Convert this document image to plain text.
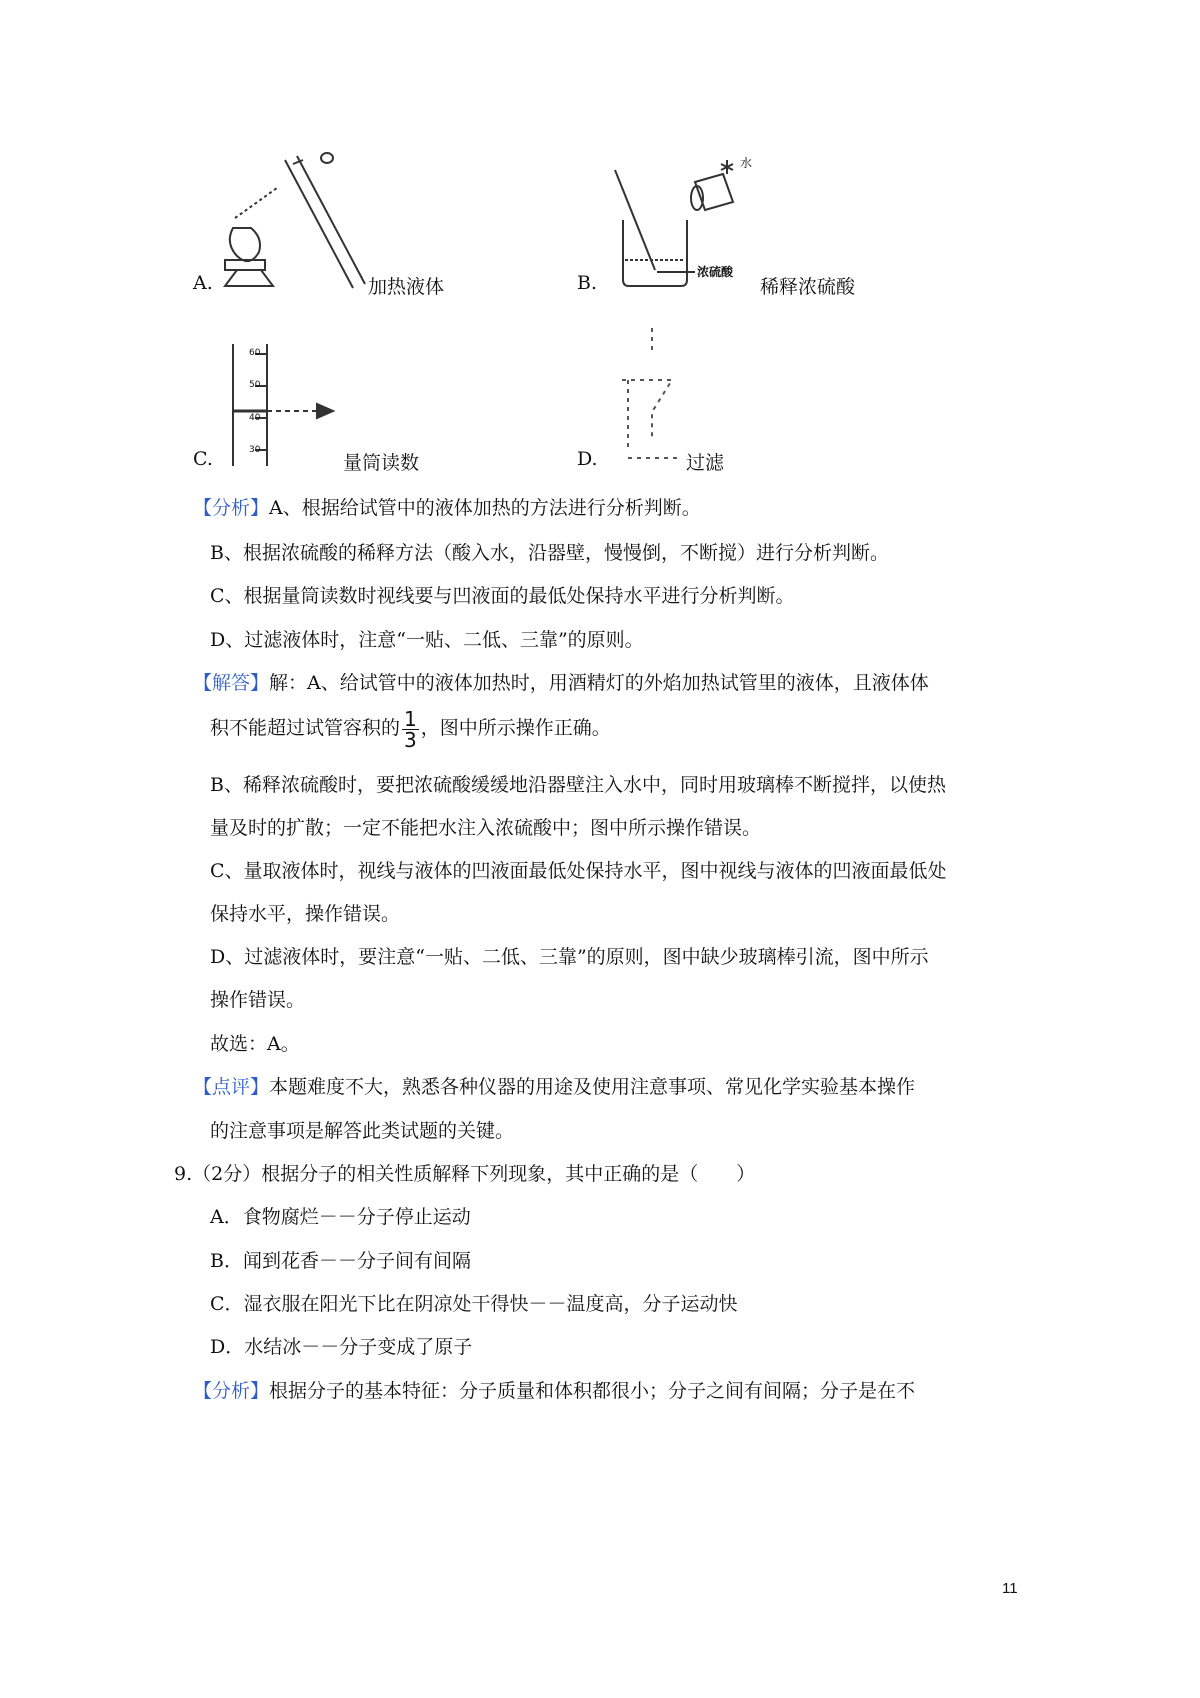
A.	加热液体	B.
水
浓硫酸
稀释浓硫酸
C.
60
50
40
30
量筒读数	D.	过滤
【分析】A、根据给试管中的液体加热的方法进行分析判断。
B、根据浓硫酸的稀释方法（酸入水，沿器壁，慢慢倒，不断搅）进行分析判断。
C、根据量筒读数时视线要与凹液面的最低处保持水平进行分析判断。
D、过滤液体时，注意“一贴、二低、三靠”的原则。
【解答】解：A、给试管中的液体加热时，用酒精灯的外焰加热试管里的液体，且液体体
积不能超过试管容积的 $\frac{1}{3}$ ，图中所示操作正确。
B、稀释浓硫酸时，要把浓硫酸缓缓地沿器壁注入水中，同时用玻璃棒不断搅拌，以使热
量及时的扩散；一定不能把水注入浓硫酸中；图中所示操作错误。
C、量取液体时，视线与液体的凹液面最低处保持水平，图中视线与液体的凹液面最低处
保持水平，操作错误。
D、过滤液体时，要注意“一贴、二低、三靠”的原则，图中缺少玻璃棒引流，图中所示
操作错误。
故选：A。
【点评】本题难度不大，熟悉各种仪器的用途及使用注意事项、常见化学实验基本操作
的注意事项是解答此类试题的关键。
9.（2分）根据分子的相关性质解释下列现象，其中正确的是（　　）
A．食物腐烂－－分子停止运动
B．闻到花香－－分子间有间隔
C．湿衣服在阳光下比在阴凉处干得快－－温度高，分子运动快
D．水结冰－－分子变成了原子
【分析】根据分子的基本特征：分子质量和体积都很小；分子之间有间隔；分子是在不
11
